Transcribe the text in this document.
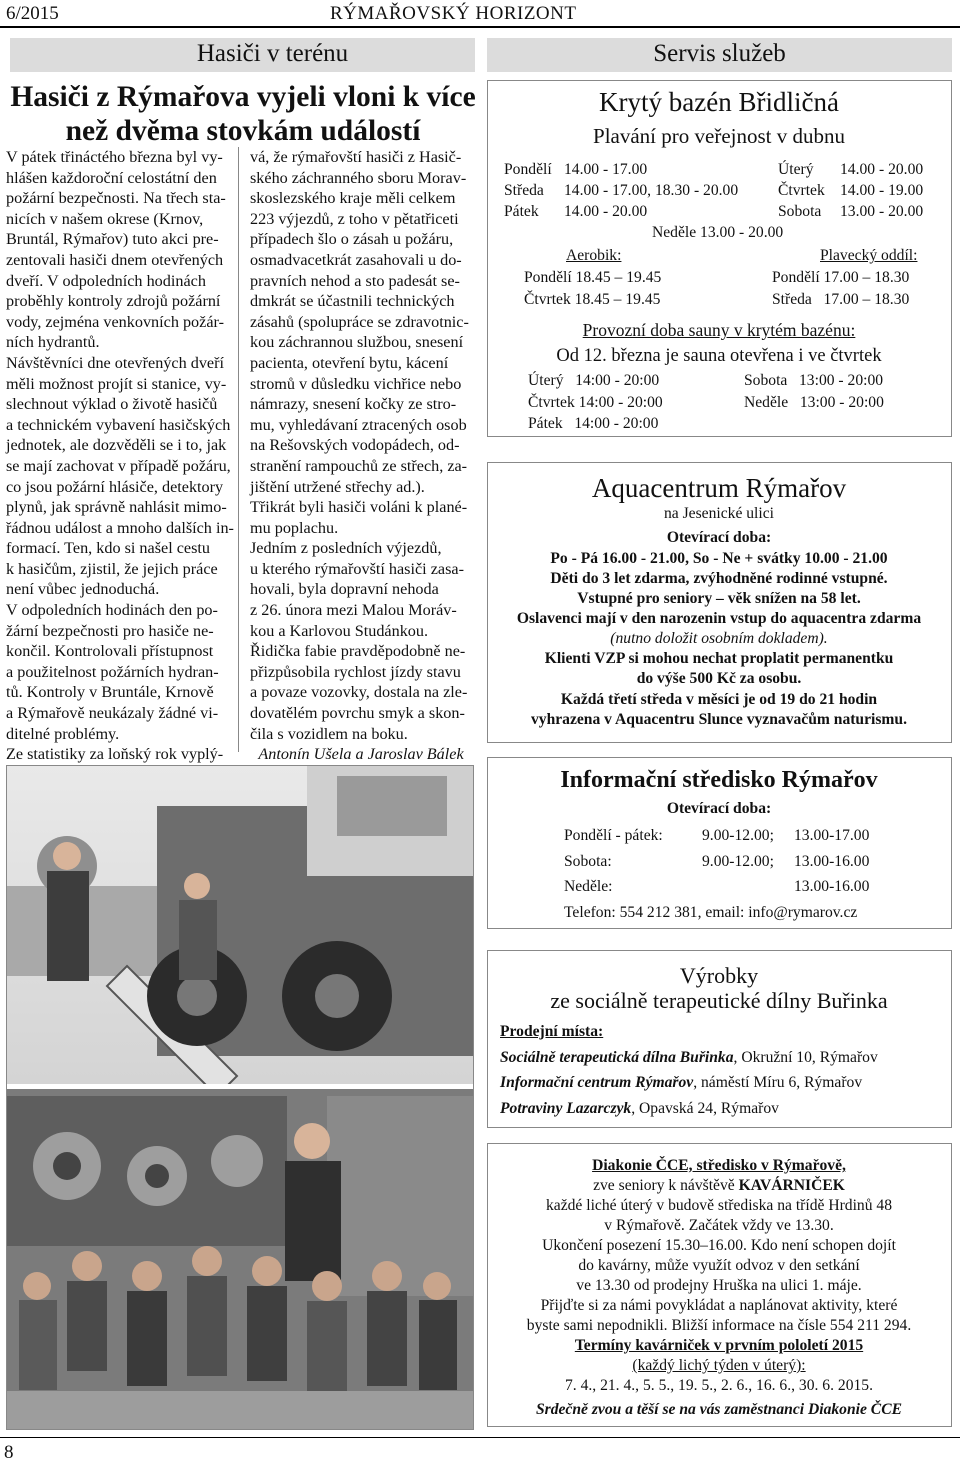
6/2015	RÝMAŘOVSKÝ HORIZONT
Hasiči v terénu	Servis služeb
Hasiči z Rýmařova vyjeli vloni k více
než dvěma stovkám událostí

V pátek třináctého března byl vy-

hlášen každoroční celostátní den

požární bezpečnosti. Na třech sta-

nicích v našem okrese (Krnov,

Bruntál, Rýmařov) tuto akci pre-

zentovali hasiči dnem otevřených

dveří. V odpoledních hodinách

proběhly kontroly zdrojů požární

vody, zejména venkovních požár-

ních hydrantů.

Návštěvníci dne otevřených dveří

měli možnost projít si stanice, vy-

slechnout výklad o životě hasičů

a technickém vybavení hasičských

jednotek, ale dozvěděli se i to, jak

se mají zachovat v případě požáru,

co jsou požární hlásiče, detektory

plynů, jak správně nahlásit mimo-

řádnou událost a mnoho dalších in-

formací. Ten, kdo si našel cestu

k hasičům, zjistil, že jejich práce

není vůbec jednoduchá.

V odpoledních hodinách den po-

žární bezpečnosti pro hasiče ne-

končil. Kontrolovali přístupnost

a použitelnost požárních hydran-

tů. Kontroly v Bruntále, Krnově

a Rýmařově neukázaly žádné vi-

ditelné problémy.

Ze statistiky za loňský rok vyplý-

vá, že rýmařovští hasiči z Hasič-

ského záchranného sboru Morav-

skoslezského kraje měli celkem

223 výjezdů, z toho v pětatřiceti

případech šlo o zásah u požáru,

osmadvacetkrát zasahovali u do-

pravních nehod a sto padesát se-

dmkrát se účastnili technických

zásahů (spolupráce se zdravotnic-

kou záchrannou službou, snesení

pacienta, otevření bytu, kácení

stromů v důsledku vichřice nebo

námrazy, snesení kočky ze stro-

mu, vyhledávaní ztracených osob

na Rešovských vodopádech, od-

stranění rampouchů ze střech, za-

jištění utržené střechy ad.).

Třikrát byli hasiči voláni k plané-

mu poplachu.

Jedním z posledních výjezdů,

u kterého rýmařovští hasiči zasa-

hovali, byla dopravní nehoda

z 26. února mezi Malou Moráv-

kou a Karlovou Studánkou.

Řidička fabie pravděpodobně ne-

přizpůsobila rychlost jízdy stavu

a povaze vozovky, dostala na zle-

dovatělém povrchu smyk a skon-

čila s vozidlem na boku.

Antonín Ušela a Jaroslav Bálek

Krytý bazén Břidličná
Plavání pro veřejnost v dubnu
Pondělí 14.00 - 17.00	Úterý 14.00 - 20.00
Středa 14.00 - 17.00, 18.30 - 20.00	Čtvrtek 14.00 - 19.00
Pátek 14.00 - 20.00	Sobota 13.00 - 20.00
Neděle 13.00 - 20.00
Aerobik:
Pondělí 18.45 – 19.45
Čtvrtek 18.45 – 19.45
Plavecký oddíl:
Pondělí 17.00 – 18.30
Středa   17.00 – 18.30
Provozní doba sauny v krytém bazénu:
Od 12. března je sauna otevřena i ve čtvrtek
Úterý   14:00 - 20:00	Sobota   13:00 - 20:00
Čtvrtek 14:00 - 20:00	Neděle   13:00 - 20:00
Pátek   14:00 - 20:00
Aquacentrum Rýmařov
na Jesenické ulici
Otevírací doba:
Po - Pá 16.00 - 21.00, So - Ne + svátky 10.00 - 21.00
Děti do 3 let zdarma, zvýhodněné rodinné vstupné.
Vstupné pro seniory – věk snížen na 58 let.
Oslavenci mají v den narozenin vstup do aquacentra zdarma
(nutno doložit osobním dokladem).
Klienti VZP si mohou nechat proplatit permanentku
do výše 500 Kč za osobu.
Každá třetí středa v měsíci je od 19 do 21 hodin
vyhrazena v Aquacentru Slunce vyznavačům naturismu.
Informační středisko Rýmařov
Otevírací doba:
Pondělí - pátek:	9.00-12.00; 13.00-17.00
Sobota:	9.00-12.00; 13.00-16.00
Neděle:	13.00-16.00
Telefon: 554 212 381, email: info@rymarov.cz
Výrobky
ze sociálně terapeutické dílny Buřinka
Prodejní místa:
Sociálně terapeutická dílna Buřinka, Okružní 10, Rýmařov
Informační centrum Rýmařov, náměstí Míru 6, Rýmařov
Potraviny Lazarczyk, Opavská 24, Rýmařov
Diakonie ČCE, středisko v Rýmařově,
zve seniory k návštěvě KAVÁRNIČEK
každé liché úterý v budově střediska na třídě Hrdinů 48
v Rýmařově. Začátek vždy ve 13.30.
Ukončení posezení 15.30–16.00. Kdo není schopen dojít
do kavárny, může využít odvoz v den setkání
ve 13.30 od prodejny Hruška na ulici 1. máje.
Přijďte si za námi povykládat a naplánovat aktivity, které
byste sami nepodnikli. Bližší informace na čísle 554 211 294.
Termíny kavárniček v prvním pololetí 2015
(každý lichý týden v úterý):
7. 4., 21. 4., 5. 5., 19. 5., 2. 6., 16. 6., 30. 6. 2015.
Srdečně zvou a těší se na vás zaměstnanci Diakonie ČCE
8
